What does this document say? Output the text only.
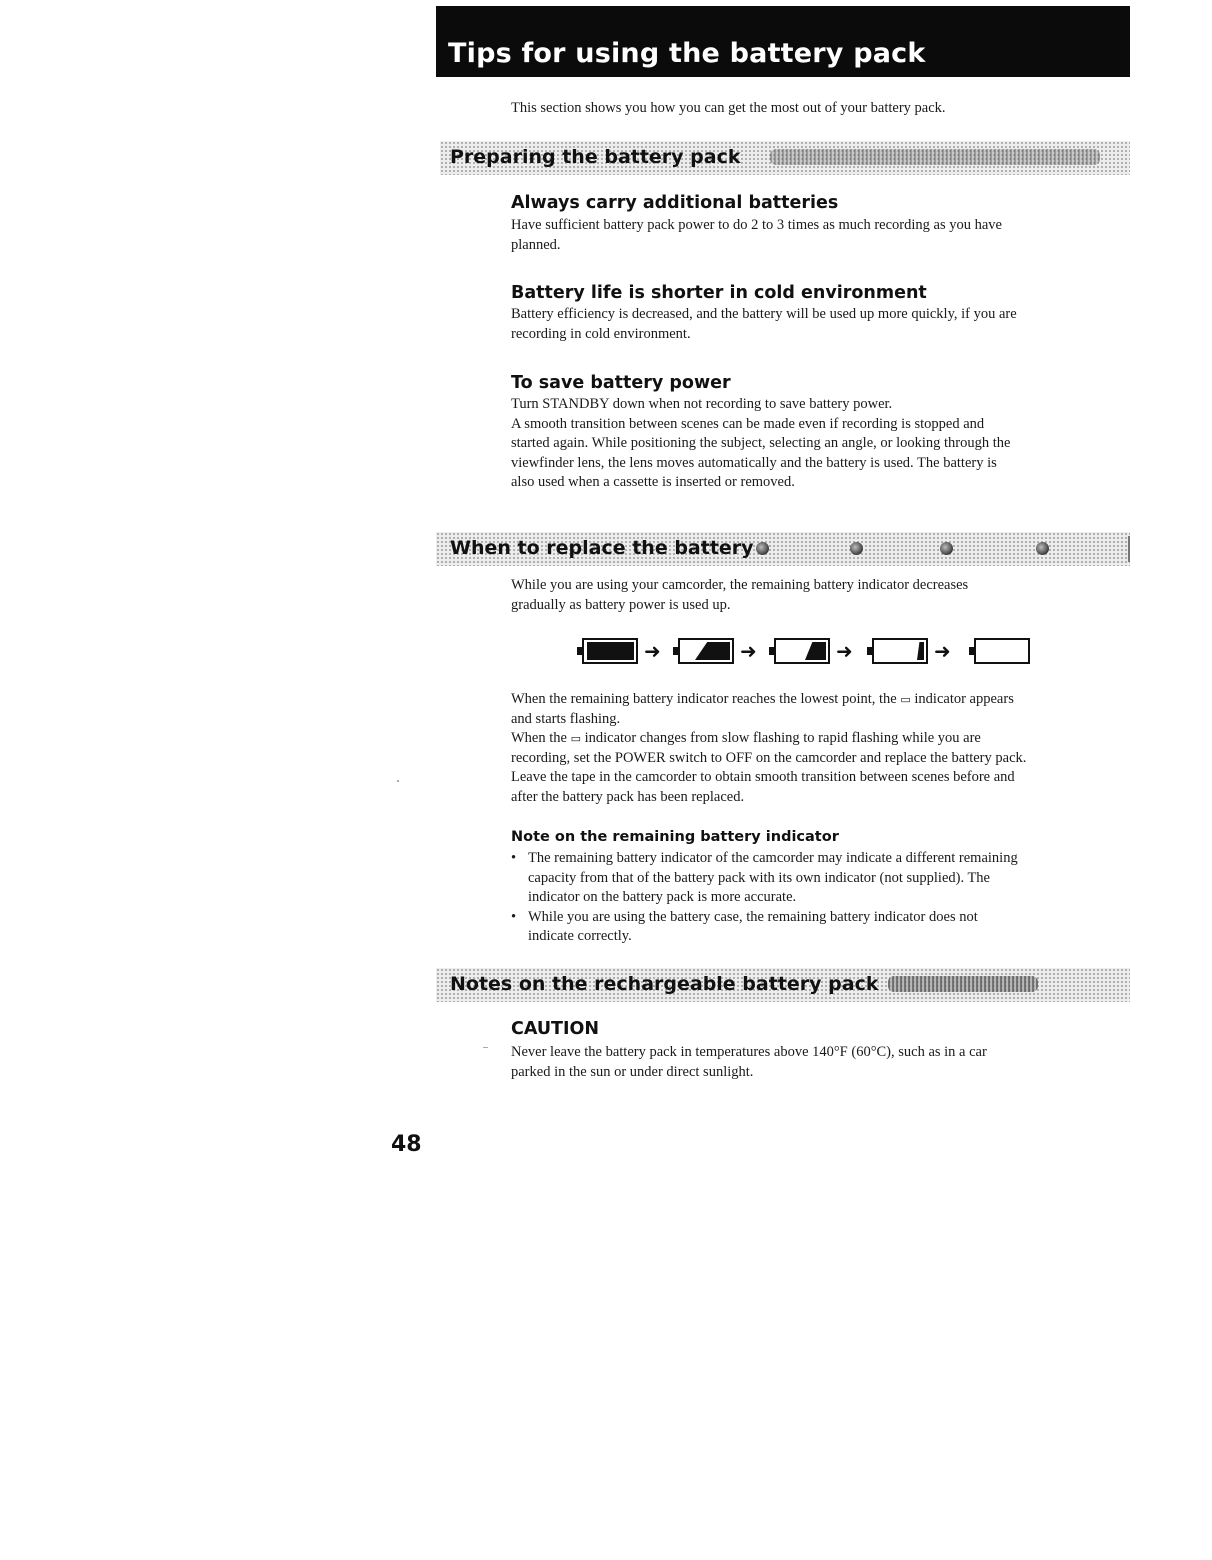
Tips for using the battery pack

This section shows you how you can get the most out of your battery pack.

Preparing the battery pack
Always carry additional batteries
Have sufficient battery pack power to do 2 to 3 times as much recording as you have
planned.
Battery life is shorter in cold environment
Battery efficiency is decreased, and the battery will be used up more quickly, if you are
recording in cold environment.
To save battery power
Turn STANDBY down when not recording to save battery power.
A smooth transition between scenes can be made even if recording is stopped and
started again. While positioning the subject, selecting an angle, or looking through the
viewfinder lens, the lens moves automatically and the battery is used. The battery is
also used when a cassette is inserted or removed.
When to replace the battery
While you are using your camcorder, the remaining battery indicator decreases
gradually as battery power is used up.
➜	➜	➜	➜
When the remaining battery indicator reaches the lowest point, the ▭ indicator appears
and starts flashing.
When the ▭ indicator changes from slow flashing to rapid flashing while you are
recording, set the POWER switch to OFF on the camcorder and replace the battery pack.
Leave the tape in the camcorder to obtain smooth transition between scenes before and
after the battery pack has been replaced.
Note on the remaining battery indicator
• The remaining battery indicator of the camcorder may indicate a different remaining
capacity from that of the battery pack with its own indicator (not supplied). The
indicator on the battery pack is more accurate.
• While you are using the battery case, the remaining battery indicator does not
indicate correctly.
Notes on the rechargeable battery pack
CAUTION
Never leave the battery pack in temperatures above 140°F (60°C), such as in a car
parked in the sun or under direct sunlight.

48
